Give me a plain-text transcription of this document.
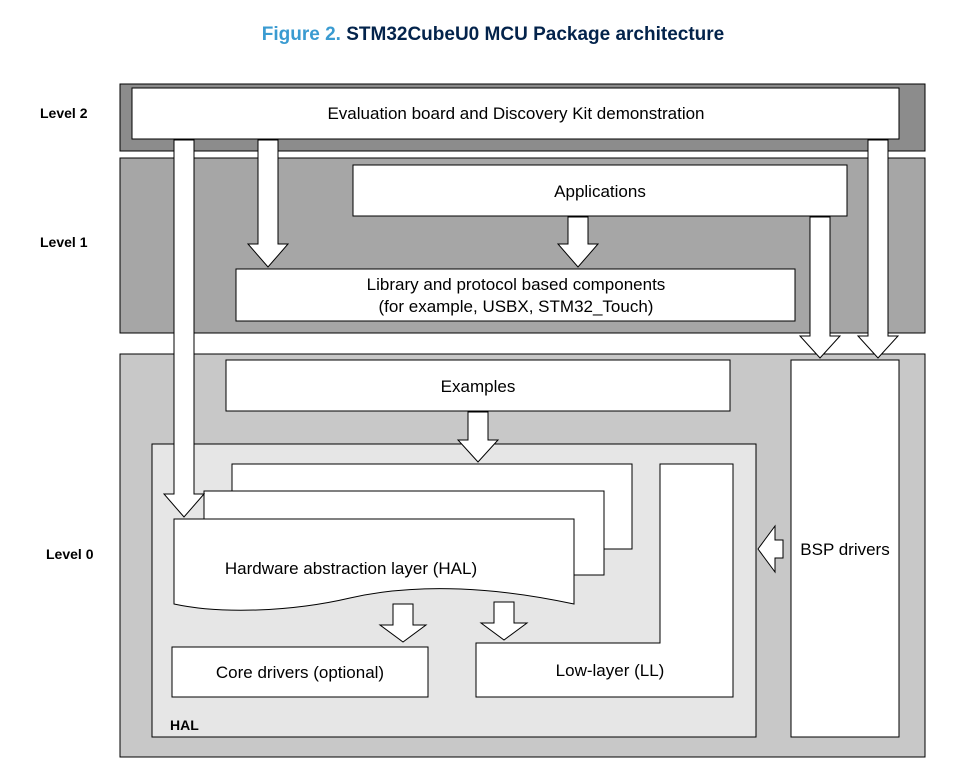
Figure 2. STM32CubeU0 MCU Package architecture
Level 2
Level 1
Level 0
Evaluation board and Discovery Kit demonstration
Applications
Library and protocol based components
(for example, USBX, STM32_Touch)
Examples
BSP drivers
Hardware abstraction layer (HAL)
Core drivers (optional)	Low-layer (LL)
HAL
